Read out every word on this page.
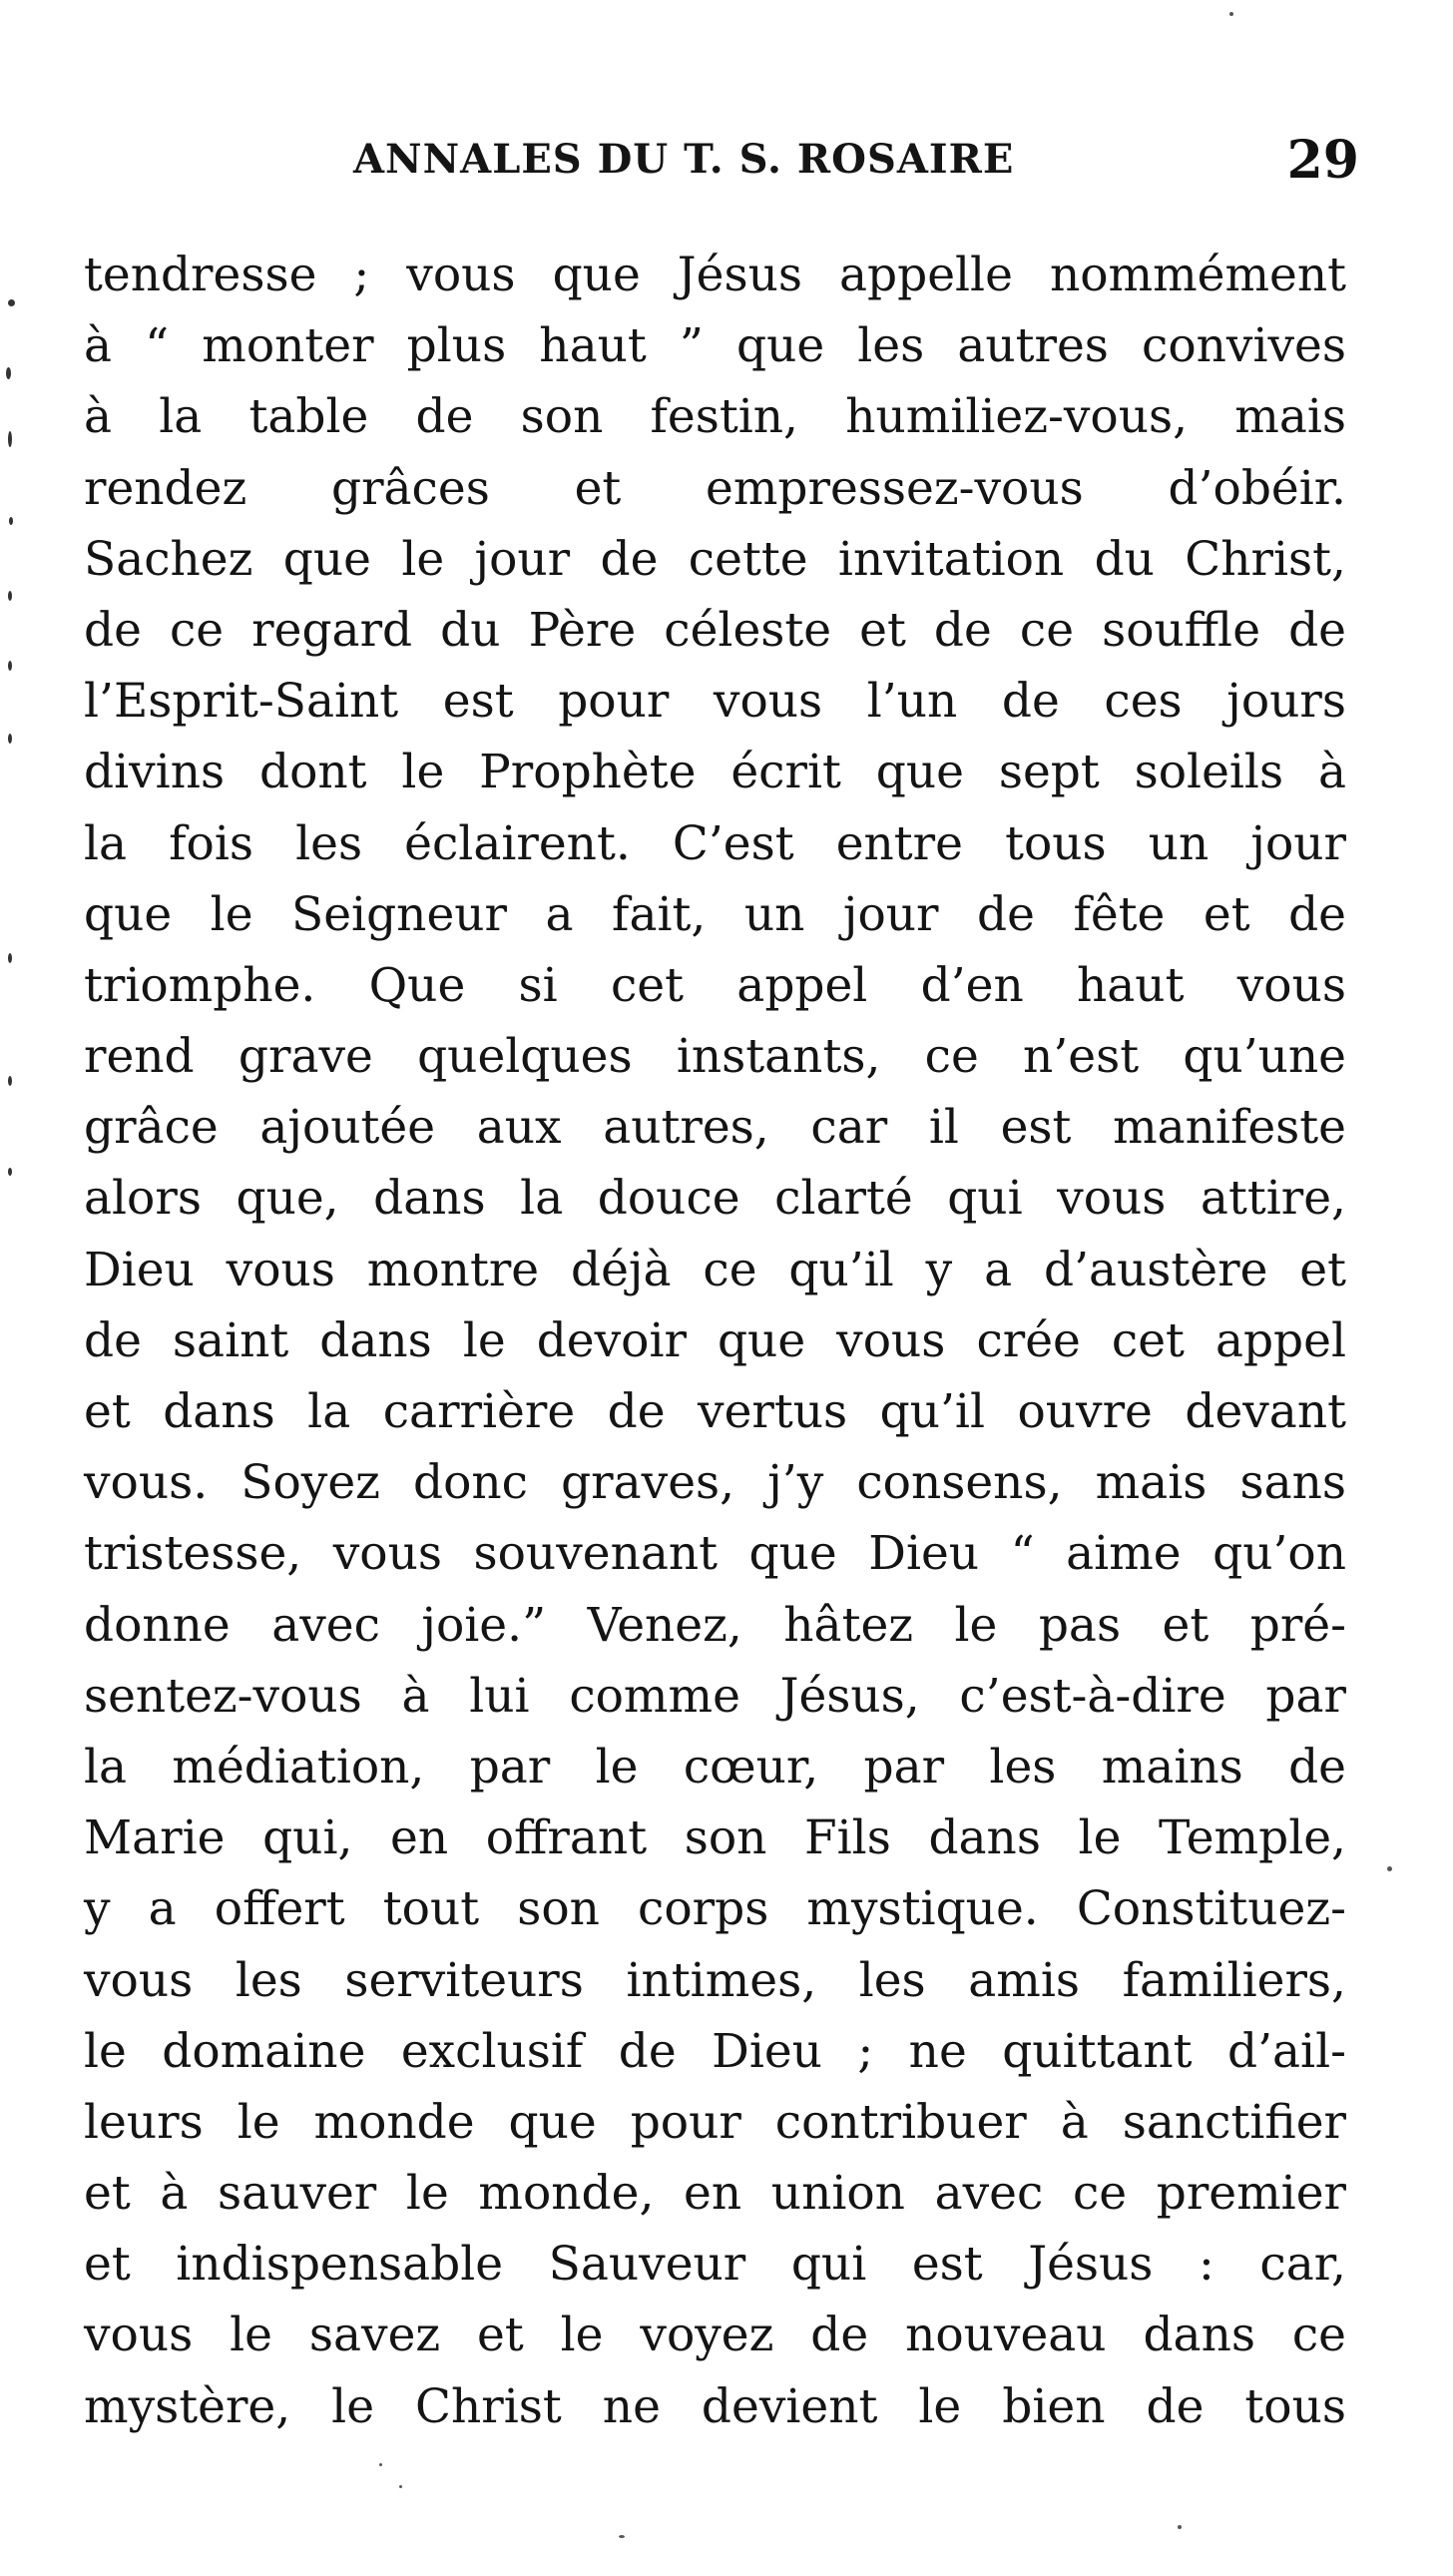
ANNALES DU T. S. ROSAIRE	29
tendresse ; vous que Jésus appelle nommément
à “ monter plus haut ” que les autres convives
à la table de son festin, humiliez-vous, mais
rendez grâces et empressez-vous d’obéir.
Sachez que le jour de cette invitation du Christ,
de ce regard du Père céleste et de ce souffle de
l’Esprit-Saint est pour vous l’un de ces jours
divins dont le Prophète écrit que sept soleils à
la fois les éclairent. C’est entre tous un jour
que le Seigneur a fait, un jour de fête et de
triomphe. Que si cet appel d’en haut vous
rend grave quelques instants, ce n’est qu’une
grâce ajoutée aux autres, car il est manifeste
alors que, dans la douce clarté qui vous attire,
Dieu vous montre déjà ce qu’il y a d’austère et
de saint dans le devoir que vous crée cet appel
et dans la carrière de vertus qu’il ouvre devant
vous. Soyez donc graves, j’y consens, mais sans
tristesse, vous souvenant que Dieu “ aime qu’on
donne avec joie.” Venez, hâtez le pas et pré-
sentez-vous à lui comme Jésus, c’est-à-dire par
la médiation, par le cœur, par les mains de
Marie qui, en offrant son Fils dans le Temple,
y a offert tout son corps mystique. Constituez-
vous les serviteurs intimes, les amis familiers,
le domaine exclusif de Dieu ; ne quittant d’ail-
leurs le monde que pour contribuer à sanctifier
et à sauver le monde, en union avec ce premier
et indispensable Sauveur qui est Jésus : car,
vous le savez et le voyez de nouveau dans ce
mystère, le Christ ne devient le bien de tous
